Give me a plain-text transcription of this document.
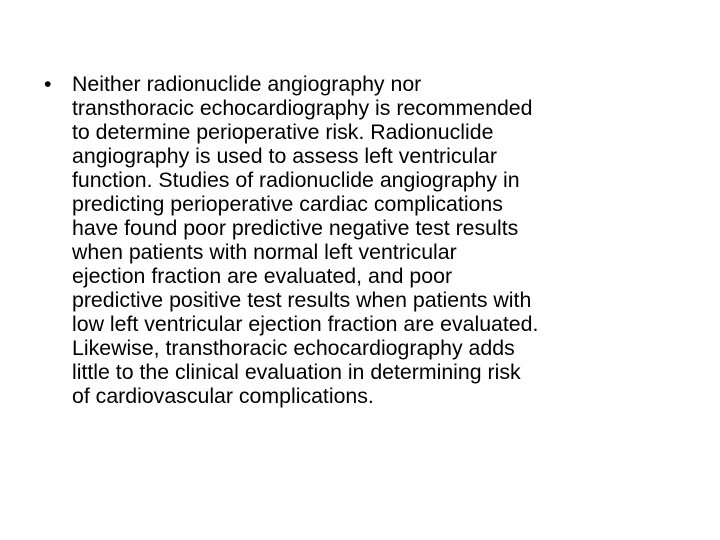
• Neither radionuclide angiography nor
transthoracic echocardiography is recommended
to determine perioperative risk. Radionuclide
angiography is used to assess left ventricular
function. Studies of radionuclide angiography in
predicting perioperative cardiac complications
have found poor predictive negative test results
when patients with normal left ventricular
ejection fraction are evaluated, and poor
predictive positive test results when patients with
low left ventricular ejection fraction are evaluated.
Likewise, transthoracic echocardiography adds
little to the clinical evaluation in determining risk
of cardiovascular complications.
